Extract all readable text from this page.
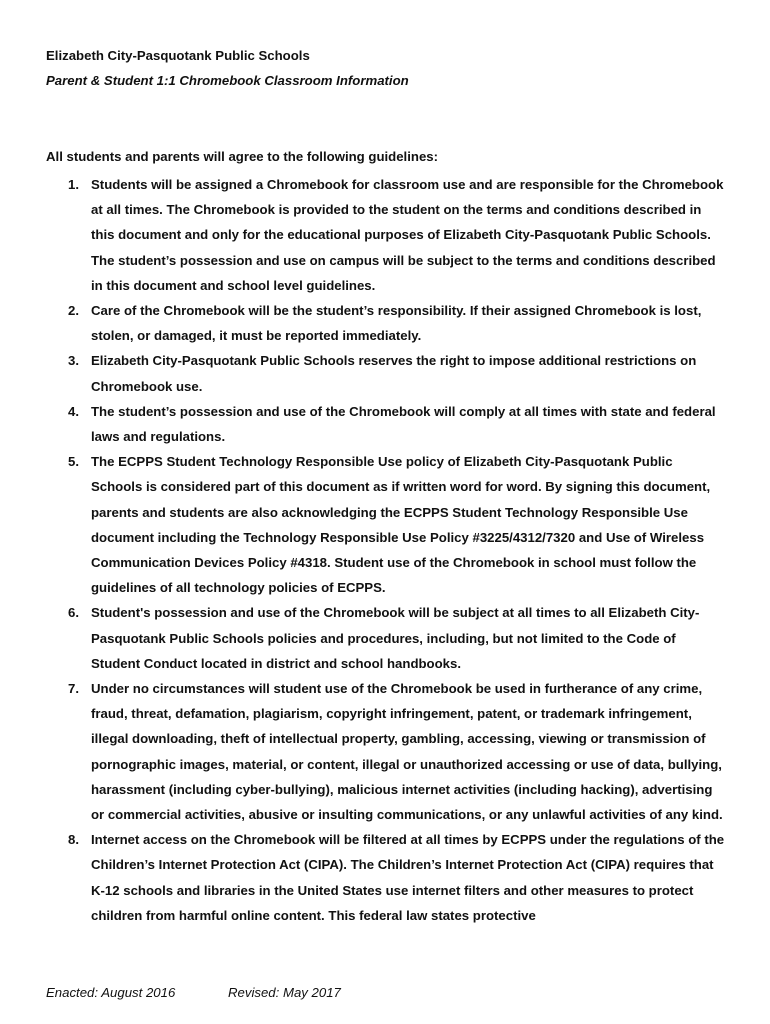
Elizabeth City-Pasquotank Public Schools
Parent & Student 1:1 Chromebook Classroom Information
All students and parents will agree to the following guidelines:
1. Students will be assigned a Chromebook for classroom use and are responsible for the Chromebook at all times. The Chromebook is provided to the student on the terms and conditions described in this document and only for the educational purposes of Elizabeth City-Pasquotank Public Schools. The student’s possession and use on campus will be subject to the terms and conditions described in this document and school level guidelines.
2. Care of the Chromebook will be the student’s responsibility. If their assigned Chromebook is lost, stolen, or damaged, it must be reported immediately.
3. Elizabeth City-Pasquotank Public Schools reserves the right to impose additional restrictions on Chromebook use.
4. The student’s possession and use of the Chromebook will comply at all times with state and federal laws and regulations.
5. The ECPPS Student Technology Responsible Use policy of Elizabeth City-Pasquotank Public Schools is considered part of this document as if written word for word. By signing this document, parents and students are also acknowledging the ECPPS Student Technology Responsible Use document including the Technology Responsible Use Policy #3225/4312/7320 and Use of Wireless Communication Devices Policy #4318. Student use of the Chromebook in school must follow the guidelines of all technology policies of ECPPS.
6. Student's possession and use of the Chromebook will be subject at all times to all Elizabeth City-Pasquotank Public Schools policies and procedures, including, but not limited to the Code of Student Conduct located in district and school handbooks.
7. Under no circumstances will student use of the Chromebook be used in furtherance of any crime, fraud, threat, defamation, plagiarism, copyright infringement, patent, or trademark infringement, illegal downloading, theft of intellectual property, gambling, accessing, viewing or transmission of pornographic images, material, or content, illegal or unauthorized accessing or use of data, bullying, harassment (including cyber-bullying), malicious internet activities (including hacking), advertising or commercial activities, abusive or insulting communications, or any unlawful activities of any kind.
8. Internet access on the Chromebook will be filtered at all times by ECPPS under the regulations of the Children’s Internet Protection Act (CIPA). The Children’s Internet Protection Act (CIPA) requires that K-12 schools and libraries in the United States use internet filters and other measures to protect children from harmful online content. This federal law states protective
Enacted: August 2016	Revised: May 2017
